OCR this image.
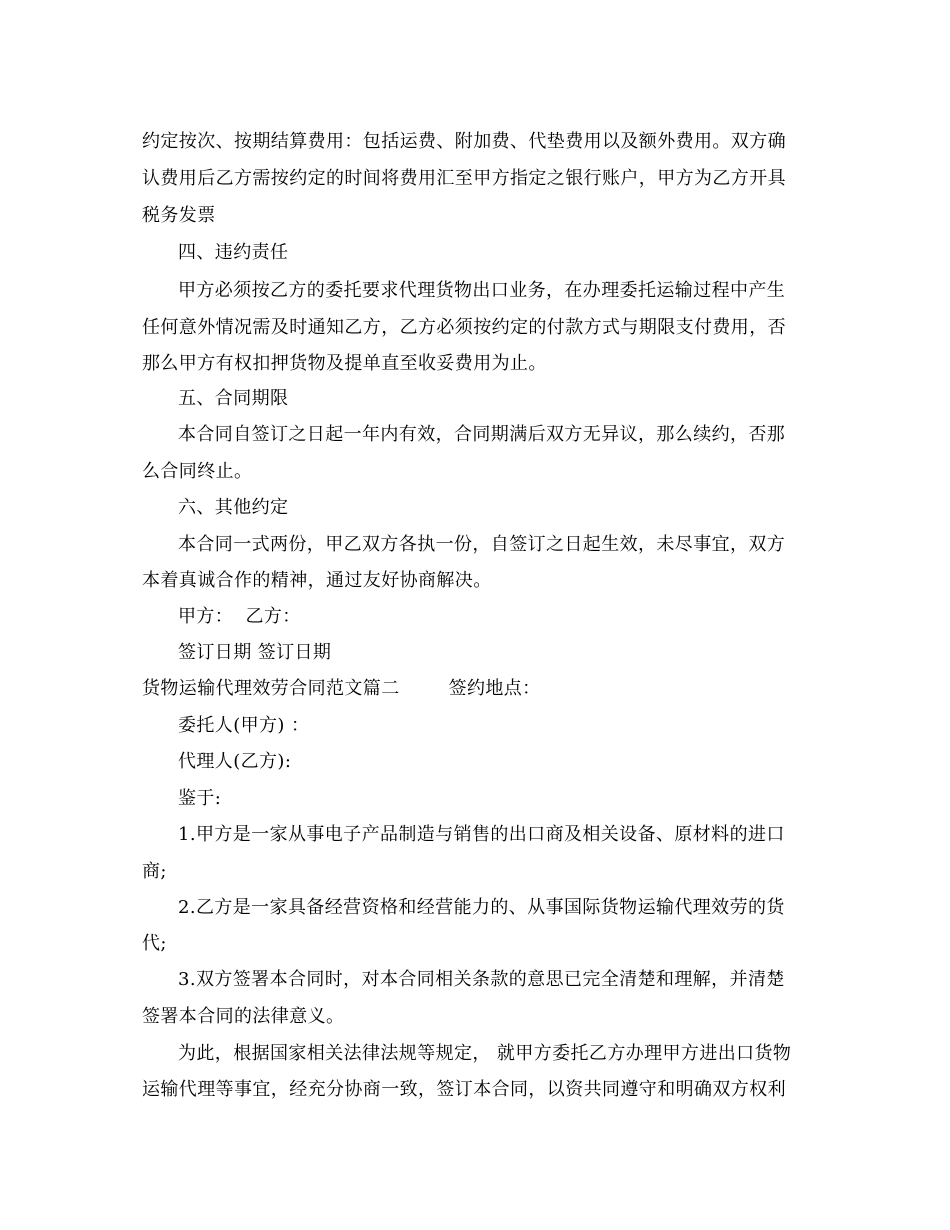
约定按次、按期结算费用：包括运费、附加费、代垫费用以及额外费用。双方确
认费用后乙方需按约定的时间将费用汇至甲方指定之银行账户，甲方为乙方开具
税务发票
四、违约责任
甲方必须按乙方的委托要求代理货物出口业务，在办理委托运输过程中产生
任何意外情况需及时通知乙方，乙方必须按约定的付款方式与期限支付费用，否
那么甲方有权扣押货物及提单直至收妥费用为止。
五、合同期限
本合同自签订之日起一年内有效，合同期满后双方无异议，那么续约，否那
么合同终止。
六、其他约定
本合同一式两份，甲乙双方各执一份，自签订之日起生效，未尽事宜，双方
本着真诚合作的精神，通过友好协商解决。
甲方：  乙方：
签订日期 签订日期
货物运输代理效劳合同范文篇二        签约地点：
委托人(甲方) ：
代理人(乙方):
鉴于:
1.甲方是一家从事电子产品制造与销售的出口商及相关设备、原材料的进口
商;
2.乙方是一家具备经营资格和经营能力的、从事国际货物运输代理效劳的货
代;
3.双方签署本合同时，对本合同相关条款的意思已完全清楚和理解，并清楚
签署本合同的法律意义。
为此，根据国家相关法律法规等规定， 就甲方委托乙方办理甲方进出口货物
运输代理等事宜，经充分协商一致，签订本合同，以资共同遵守和明确双方权利
